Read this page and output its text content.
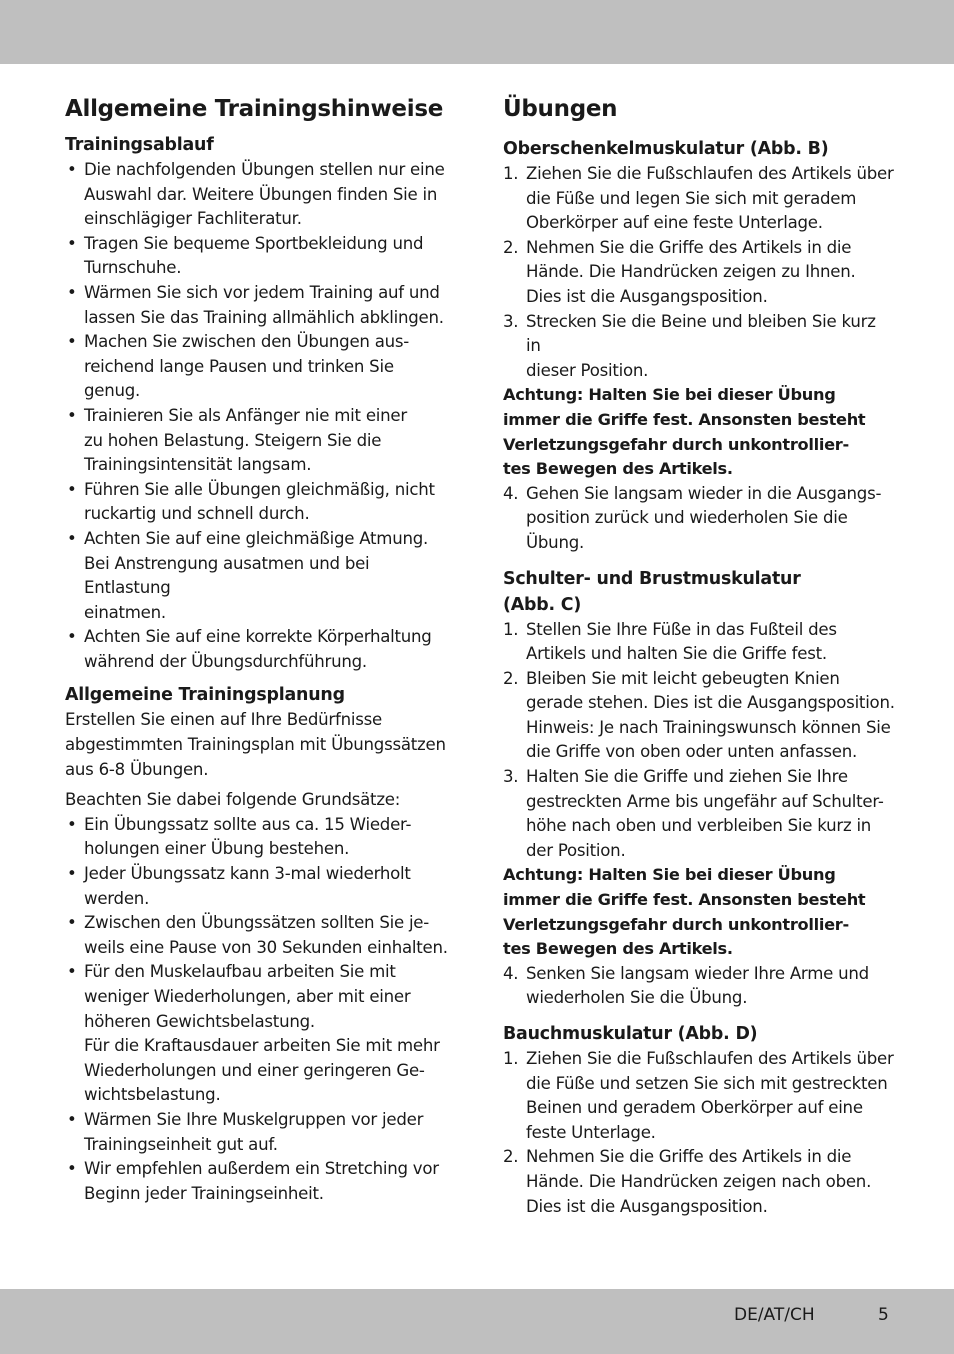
Allgemeine Trainingshinweise
Trainingsablauf
• Die nachfolgenden Übungen stellen nur eine
Auswahl dar. Weitere Übungen finden Sie in
einschlägiger Fachliteratur.
• Tragen Sie bequeme Sportbekleidung und
Turnschuhe.
• Wärmen Sie sich vor jedem Training auf und
lassen Sie das Training allmählich abklingen.
• Machen Sie zwischen den Übungen aus-
reichend lange Pausen und trinken Sie genug.
• Trainieren Sie als Anfänger nie mit einer
zu hohen Belastung. Steigern Sie die
Trainingsintensität langsam.
• Führen Sie alle Übungen gleichmäßig, nicht
ruckartig und schnell durch.
• Achten Sie auf eine gleichmäßige Atmung.
Bei Anstrengung ausatmen und bei Entlastung
einatmen.
• Achten Sie auf eine korrekte Körperhaltung
während der Übungsdurchführung.
Allgemeine Trainingsplanung

Erstellen Sie einen auf Ihre Bedürfnisse
abgestimmten Trainingsplan mit Übungssätzen
aus 6-8 Übungen.

Beachten Sie dabei folgende Grundsätze:

• Ein Übungssatz sollte aus ca. 15 Wieder-
holungen einer Übung bestehen.
• Jeder Übungssatz kann 3-mal wiederholt
werden.
• Zwischen den Übungssätzen sollten Sie je-
weils eine Pause von 30 Sekunden einhalten.
• Für den Muskelaufbau arbeiten Sie mit
weniger Wiederholungen, aber mit einer
höheren Gewichtsbelastung.
Für die Kraftausdauer arbeiten Sie mit mehr
Wiederholungen und einer geringeren Ge-
wichtsbelastung.
• Wärmen Sie Ihre Muskelgruppen vor jeder
Trainingseinheit gut auf.
• Wir empfehlen außerdem ein Stretching vor
Beginn jeder Trainingseinheit.
Übungen
Oberschenkelmuskulatur (Abb. B)
1. Ziehen Sie die Fußschlaufen des Artikels über
die Füße und legen Sie sich mit geradem
Oberkörper auf eine feste Unterlage.
2. Nehmen Sie die Griffe des Artikels in die
Hände. Die Handrücken zeigen zu Ihnen.
Dies ist die Ausgangsposition.
3. Strecken Sie die Beine und bleiben Sie kurz in
dieser Position.

Achtung: Halten Sie bei dieser Übung
immer die Griffe fest. Ansonsten besteht
Verletzungsgefahr durch unkontrollier-
tes Bewegen des Artikels.

4. Gehen Sie langsam wieder in die Ausgangs-
position zurück und wiederholen Sie die
Übung.
Schulter- und Brustmuskulatur
(Abb. C)
1. Stellen Sie Ihre Füße in das Fußteil des
Artikels und halten Sie die Griffe fest.
2. Bleiben Sie mit leicht gebeugten Knien
gerade stehen. Dies ist die Ausgangsposition.
Hinweis: Je nach Trainingswunsch können Sie
die Griffe von oben oder unten anfassen.
3. Halten Sie die Griffe und ziehen Sie Ihre
gestreckten Arme bis ungefähr auf Schulter-
höhe nach oben und verbleiben Sie kurz in
der Position.

Achtung: Halten Sie bei dieser Übung
immer die Griffe fest. Ansonsten besteht
Verletzungsgefahr durch unkontrollier-
tes Bewegen des Artikels.

4. Senken Sie langsam wieder Ihre Arme und
wiederholen Sie die Übung.
Bauchmuskulatur (Abb. D)
1. Ziehen Sie die Fußschlaufen des Artikels über
die Füße und setzen Sie sich mit gestreckten
Beinen und geradem Oberkörper auf eine
feste Unterlage.
2. Nehmen Sie die Griffe des Artikels in die
Hände. Die Handrücken zeigen nach oben.
Dies ist die Ausgangsposition.
DE/AT/CH	5
